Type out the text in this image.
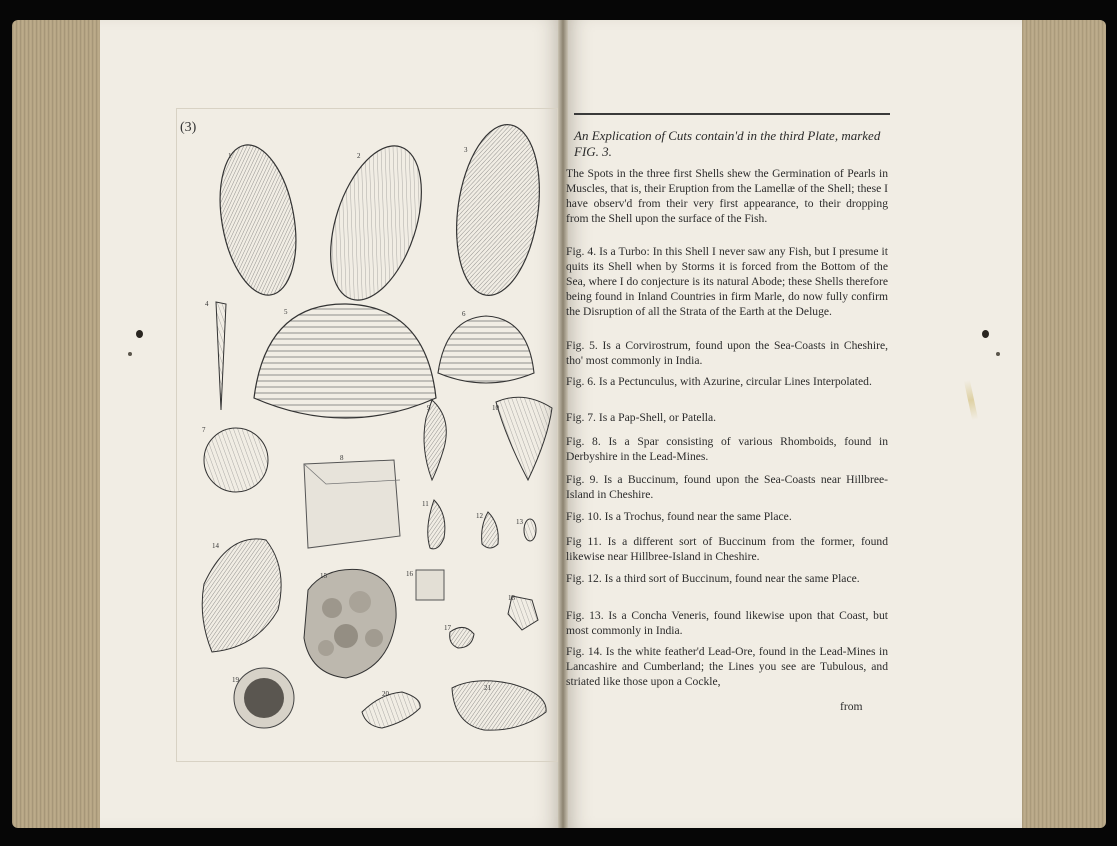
(3)
1	2
3
4
5	6
7
8
9	10
11
12
13
14
15	16
17
18
19
20
21
An Explication of Cuts contain'd in the third Plate, marked FIG. 3.
The Spots in the three first Shells shew the Germination of Pearls in Muscles, that is, their Eruption from the Lamellæ of the Shell; these I have observ'd from their very first appearance, to their dropping from the Shell upon the surface of the Fish.
Fig. 4. Is a Turbo: In this Shell I never saw any Fish, but I presume it quits its Shell when by Storms it is forced from the Bottom of the Sea, where I do conjecture is its natural Abode; these Shells therefore being found in Inland Countries in firm Marle, do now fully confirm the Disruption of all the Strata of the Earth at the Deluge.
Fig. 5. Is a Corvirostrum, found upon the Sea-Coasts in Cheshire, tho' most commonly in India.
Fig. 6. Is a Pectunculus, with Azurine, circular Lines Interpolated.
Fig. 7. Is a Pap-Shell, or Patella.
Fig. 8. Is a Spar consisting of various Rhomboids, found in Derbyshire in the Lead-Mines.
Fig. 9. Is a Buccinum, found upon the Sea-Coasts near Hillbree-Island in Cheshire.
Fig. 10. Is a Trochus, found near the same Place.
Fig 11. Is a different sort of Buccinum from the former, found likewise near Hillbree-Island in Cheshire.
Fig. 12. Is a third sort of Buccinum, found near the same Place.
Fig. 13. Is a Concha Veneris, found likewise upon that Coast, but most commonly in India.
Fig. 14. Is the white feather'd Lead-Ore, found in the Lead-Mines in Lancashire and Cumberland; the Lines you see are Tubulous, and striated like those upon a Cockle,
from
